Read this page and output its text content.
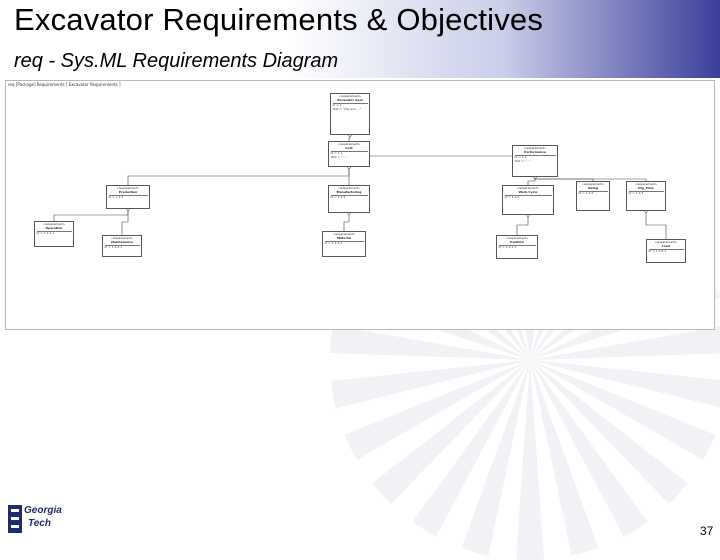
Excavator Requirements & Objectives
req - Sys.ML Requirements Diagram
req [Package] Requirements [ Excavator Requirements ]
«requirement»
Excavator Goal
Id = 1
Text = "Dig and ..."
«requirement»
Cost
Id = 1.1
Text = "..."
«requirement»
Performance
Id = 1.2
Text = "..."
«requirement»
Production
Id = 1.1.1
«requirement»
Manufacturing
Id = 1.1.2
«requirement»
Work Cycle
Id = 1.2.1
«requirement»
Swing
Id = 1.2.2
«requirement»
Dig_Time
Id = 1.2.3
«requirement»
Operation
Id = 1.1.1.1
«requirement»
Maintenance
Id = 1.1.2.1
«requirement»
Material
Id = 1.1.2.2
«requirement»
Position
Id = 1.2.1.1
«requirement»
Load
Id = 1.2.2.1
Georgia
Tech
37
